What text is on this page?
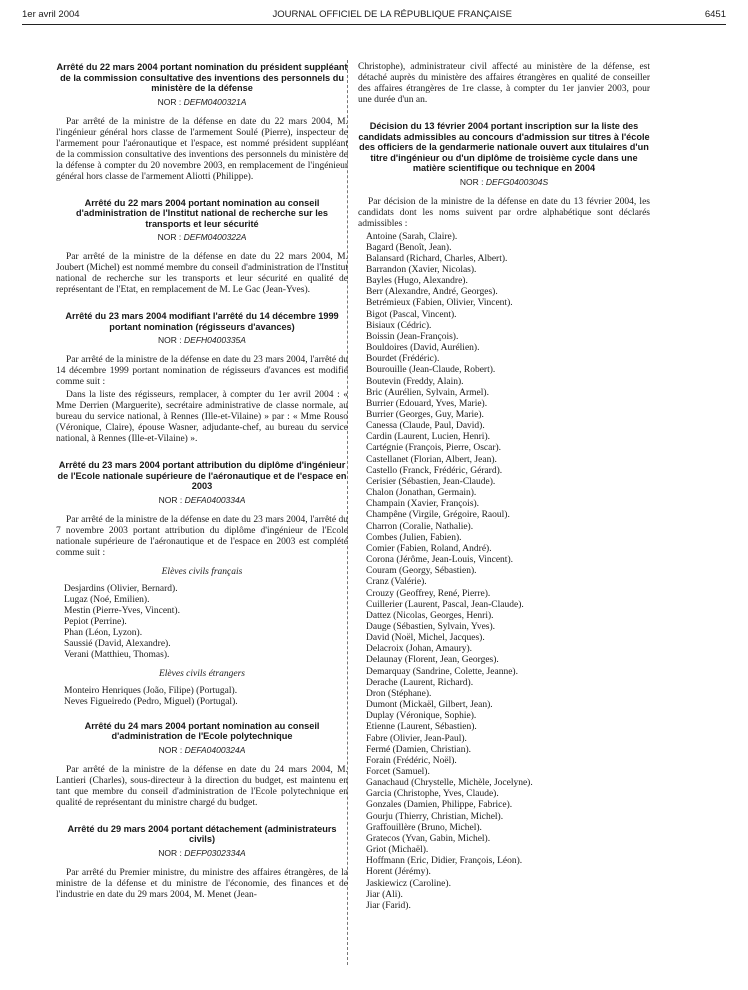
1er avril 2004	JOURNAL OFFICIEL DE LA RÉPUBLIQUE FRANÇAISE	6451
Arrêté du 22 mars 2004 portant nomination du président suppléant de la commission consultative des inventions des personnels du ministère de la défense
NOR : DEFM0400321A

Par arrêté de la ministre de la défense en date du 22 mars 2004, M. l'ingénieur général hors classe de l'armement Soulé (Pierre), inspecteur de l'armement pour l'aéronautique et l'espace, est nommé président suppléant de la commission consultative des inventions des personnels du ministère de la défense à compter du 20 novembre 2003, en remplacement de l'ingénieur général hors classe de l'armement Aliotti (Philippe).

Arrêté du 22 mars 2004 portant nomination au conseil d'administration de l'Institut national de recherche sur les transports et leur sécurité
NOR : DEFM0400322A

Par arrêté de la ministre de la défense en date du 22 mars 2004, M. Joubert (Michel) est nommé membre du conseil d'administration de l'Institut national de recherche sur les transports et leur sécurité en qualité de représentant de l'Etat, en remplacement de M. Le Gac (Jean-Yves).

Arrêté du 23 mars 2004 modifiant l'arrêté du 14 décembre 1999 portant nomination (régisseurs d'avances)
NOR : DEFH0400335A

Par arrêté de la ministre de la défense en date du 23 mars 2004, l'arrêté du 14 décembre 1999 portant nomination de régisseurs d'avances est modifié comme suit :

Dans la liste des régisseurs, remplacer, à compter du 1er avril 2004 : « Mme Derrien (Marguerite), secrétaire administrative de classe normale, au bureau du service national, à Rennes (Ille-et-Vilaine) » par : « Mme Rouso (Véronique, Claire), épouse Wasner, adjudante-chef, au bureau du service national, à Rennes (Ille-et-Vilaine) ».

Arrêté du 23 mars 2004 portant attribution du diplôme d'ingénieur de l'Ecole nationale supérieure de l'aéronautique et de l'espace en 2003
NOR : DEFA0400334A

Par arrêté de la ministre de la défense en date du 23 mars 2004, l'arrêté du 7 novembre 2003 portant attribution du diplôme d'ingénieur de l'Ecole nationale supérieure de l'aéronautique et de l'espace en 2003 est complété comme suit :

Elèves civils français
Desjardins (Olivier, Bernard).
Lugaz (Noé, Emilien).
Mestin (Pierre-Yves, Vincent).
Pepiot (Perrine).
Phan (Léon, Lyzon).
Saussié (David, Alexandre).
Verani (Matthieu, Thomas).
Elèves civils étrangers
Monteiro Henriques (João, Filipe) (Portugal).
Neves Figueiredo (Pedro, Miguel) (Portugal).
Arrêté du 24 mars 2004 portant nomination au conseil d'administration de l'Ecole polytechnique
NOR : DEFA0400324A

Par arrêté de la ministre de la défense en date du 24 mars 2004, M. Lantieri (Charles), sous-directeur à la direction du budget, est maintenu en tant que membre du conseil d'administration de l'Ecole polytechnique en qualité de représentant du ministre chargé du budget.

Arrêté du 29 mars 2004 portant détachement (administrateurs civils)
NOR : DEFP0302334A

Par arrêté du Premier ministre, du ministre des affaires étrangères, de la ministre de la défense et du ministre de l'économie, des finances et de l'industrie en date du 29 mars 2004, M. Menet (Jean-

Christophe), administrateur civil affecté au ministère de la défense, est détaché auprès du ministère des affaires étrangères en qualité de conseiller des affaires étrangères de 1re classe, à compter du 1er janvier 2003, pour une durée d'un an.

Décision du 13 février 2004 portant inscription sur la liste des candidats admissibles au concours d'admission sur titres à l'école des officiers de la gendarmerie nationale ouvert aux titulaires d'un titre d'ingénieur ou d'un diplôme de troisième cycle dans une matière scientifique ou technique en 2004
NOR : DEFG0400304S

Par décision de la ministre de la défense en date du 13 février 2004, les candidats dont les noms suivent par ordre alphabétique sont déclarés admissibles :

Antoine (Sarah, Claire).
Bagard (Benoît, Jean).
Balansard (Richard, Charles, Albert).
Barrandon (Xavier, Nicolas).
Bayles (Hugo, Alexandre).
Berr (Alexandre, André, Georges).
Betrémieux (Fabien, Olivier, Vincent).
Bigot (Pascal, Vincent).
Bisiaux (Cédric).
Boissin (Jean-François).
Bouldoires (David, Aurélien).
Bourdet (Frédéric).
Bourouille (Jean-Claude, Robert).
Boutevin (Freddy, Alain).
Bric (Aurélien, Sylvain, Armel).
Burrier (Edouard, Yves, Marie).
Burrier (Georges, Guy, Marie).
Canessa (Claude, Paul, David).
Cardin (Laurent, Lucien, Henri).
Cartégnie (François, Pierre, Oscar).
Castellanet (Florian, Albert, Jean).
Castello (Franck, Frédéric, Gérard).
Cerisier (Sébastien, Jean-Claude).
Chalon (Jonathan, Germain).
Champain (Xavier, François).
Champêne (Virgile, Grégoire, Raoul).
Charron (Coralie, Nathalie).
Combes (Julien, Fabien).
Comier (Fabien, Roland, André).
Corona (Jérôme, Jean-Louis, Vincent).
Couram (Georgy, Sébastien).
Cranz (Valérie).
Crouzy (Geoffrey, René, Pierre).
Cuillerier (Laurent, Pascal, Jean-Claude).
Dattez (Nicolas, Georges, Henri).
Dauge (Sébastien, Sylvain, Yves).
David (Noël, Michel, Jacques).
Delacroix (Johan, Amaury).
Delaunay (Florent, Jean, Georges).
Demarquay (Sandrine, Colette, Jeanne).
Derache (Laurent, Richard).
Dron (Stéphane).
Dumont (Mickaël, Gilbert, Jean).
Duplay (Véronique, Sophie).
Etienne (Laurent, Sébastien).
Fabre (Olivier, Jean-Paul).
Fermé (Damien, Christian).
Forain (Frédéric, Noël).
Forcet (Samuel).
Ganachaud (Chrystelle, Michèle, Jocelyne).
Garcia (Christophe, Yves, Claude).
Gonzales (Damien, Philippe, Fabrice).
Gourju (Thierry, Christian, Michel).
Graffouillère (Bruno, Michel).
Gratecos (Yvan, Gabin, Michel).
Griot (Michaël).
Hoffmann (Eric, Didier, François, Léon).
Horent (Jérémy).
Jaskiewicz (Caroline).
Jiar (Ali).
Jiar (Farid).
